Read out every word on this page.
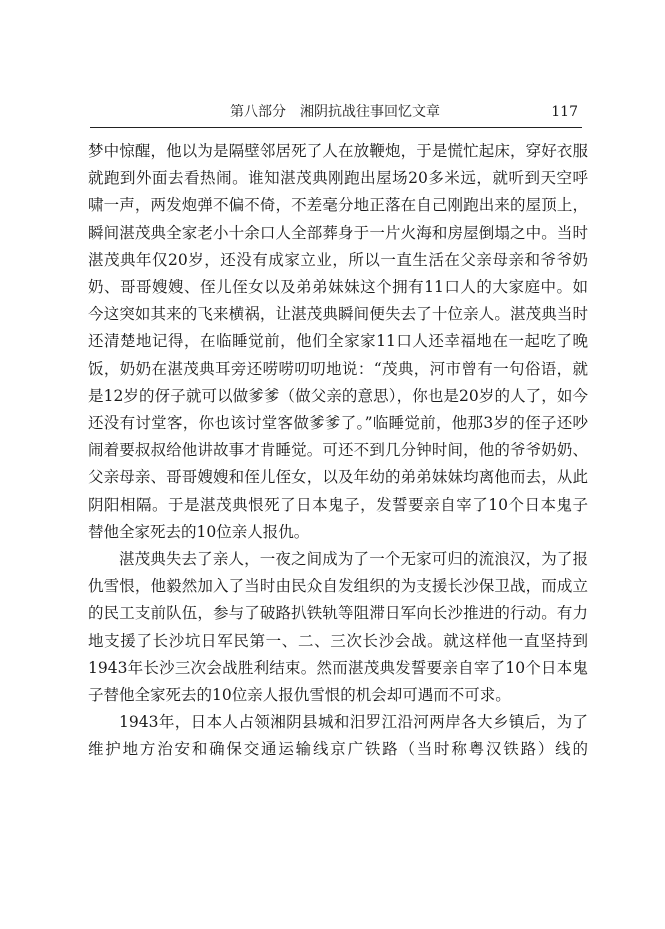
第八部分　湘阴抗战往事回忆文章	117

梦中惊醒，他以为是隔壁邻居死了人在放鞭炮，于是慌忙起床，穿好衣服就跑到外面去看热闹。谁知湛茂典刚跑出屋场20多米远，就听到天空呼啸一声，两发炮弹不偏不倚，不差毫分地正落在自己刚跑出来的屋顶上，瞬间湛茂典全家老小十余口人全部葬身于一片火海和房屋倒塌之中。当时湛茂典年仅20岁，还没有成家立业，所以一直生活在父亲母亲和爷爷奶奶、哥哥嫂嫂、侄儿侄女以及弟弟妹妹这个拥有11口人的大家庭中。如今这突如其来的飞来横祸，让湛茂典瞬间便失去了十位亲人。湛茂典当时还清楚地记得，在临睡觉前，他们全家家11口人还幸福地在一起吃了晚饭，奶奶在湛茂典耳旁还唠唠叨叨地说：“茂典，河市曾有一句俗语，就是12岁的伢子就可以做爹爹（做父亲的意思），你也是20岁的人了，如今还没有讨堂客，你也该讨堂客做爹爹了。”临睡觉前，他那3岁的侄子还吵闹着要叔叔给他讲故事才肯睡觉。可还不到几分钟时间，他的爷爷奶奶、父亲母亲、哥哥嫂嫂和侄儿侄女，以及年幼的弟弟妹妹均离他而去，从此阴阳相隔。于是湛茂典恨死了日本鬼子，发誓要亲自宰了10个日本鬼子替他全家死去的10位亲人报仇。

湛茂典失去了亲人，一夜之间成为了一个无家可归的流浪汉，为了报仇雪恨，他毅然加入了当时由民众自发组织的为支援长沙保卫战，而成立的民工支前队伍，参与了破路扒铁轨等阻滞日军向长沙推进的行动。有力地支援了长沙坑日军民第一、二、三次长沙会战。就这样他一直坚持到1943年长沙三次会战胜利结束。然而湛茂典发誓要亲自宰了10个日本鬼子替他全家死去的10位亲人报仇雪恨的机会却可遇而不可求。

1943年，日本人占领湘阴县城和汨罗江沿河两岸各大乡镇后，为了维护地方治安和确保交通运输线京广铁路（当时称粤汉铁路）线的
